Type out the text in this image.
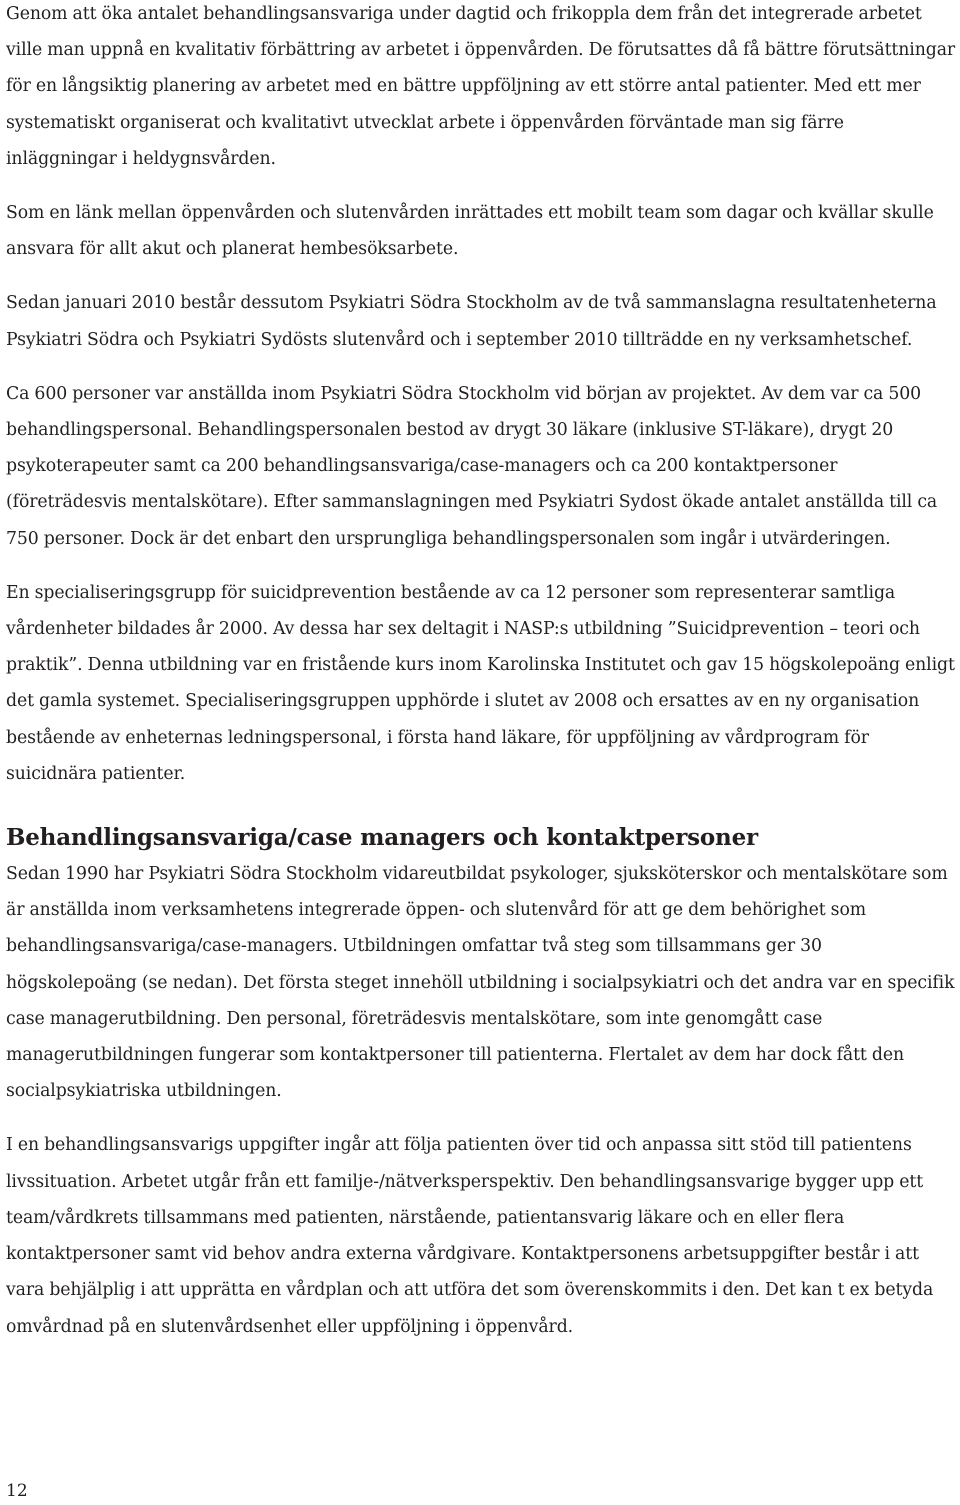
Genom att öka antalet behandlingsansvariga under dagtid och frikoppla dem från det integrerade arbetet ville man uppnå en kvalitativ förbättring av arbetet i öppenvården. De förutsattes då få bättre förutsättningar för en långsiktig planering av arbetet med en bättre uppföljning av ett större antal patienter. Med ett mer systematiskt organiserat och kvalitativt utvecklat arbete i öppenvården förväntade man sig färre inläggningar i heldygnsvården.

Som en länk mellan öppenvården och slutenvården inrättades ett mobilt team som dagar och kvällar skulle ansvara för allt akut och planerat hembesöksarbete.

Sedan januari 2010 består dessutom Psykiatri Södra Stockholm av de två sammanslagna resultatenheterna Psykiatri Södra och Psykiatri Sydösts slutenvård och i september 2010 tillträdde en ny verksamhetschef.

Ca 600 personer var anställda inom Psykiatri Södra Stockholm vid början av projektet. Av dem var ca 500 behandlingspersonal. Behandlingspersonalen bestod av drygt 30 läkare (inklusive ST-läkare), drygt 20 psykoterapeuter samt ca 200 behandlingsansvariga/case-managers och ca 200 kontaktpersoner (företrädesvis mentalskötare). Efter sammanslagningen med Psykiatri Sydost ökade antalet anställda till ca 750 personer. Dock är det enbart den ursprungliga behandlingspersonalen som ingår i utvärderingen.

En specialiseringsgrupp för suicidprevention bestående av ca 12 personer som representerar samtliga vårdenheter bildades år 2000. Av dessa har sex deltagit i NASP:s utbildning ”Suicidprevention – teori och praktik”. Denna utbildning var en fristående kurs inom Karolinska Institutet och gav 15 högskolepoäng enligt det gamla systemet. Specialiseringsgruppen upphörde i slutet av 2008 och ersattes av en ny organisation bestående av enheternas ledningspersonal, i första hand läkare, för uppföljning av vårdprogram för suicidnära patienter.

Behandlingsansvariga/case managers och kontaktpersoner

Sedan 1990 har Psykiatri Södra Stockholm vidareutbildat psykologer, sjuksköterskor och mentalskötare som är anställda inom verksamhetens integrerade öppen- och slutenvård för att ge dem behörighet som behandlingsansvariga/case-managers. Utbildningen omfattar två steg som tillsammans ger 30 högskolepoäng (se nedan). Det första steget innehöll utbildning i socialpsykiatri och det andra var en specifik case managerutbildning. Den personal, företrädesvis mentalskötare, som inte genomgått case managerutbildningen fungerar som kontaktpersoner till patienterna. Flertalet av dem har dock fått den socialpsykiatriska utbildningen.

I en behandlingsansvarigs uppgifter ingår att följa patienten över tid och anpassa sitt stöd till patientens livssituation. Arbetet utgår från ett familje-/nätverksperspektiv. Den behandlingsansvarige bygger upp ett team/vårdkrets tillsammans med patienten, närstående, patientansvarig läkare och en eller flera kontaktpersoner samt vid behov andra externa vårdgivare. Kontaktpersonens arbetsuppgifter består i att vara behjälplig i att upprätta en vårdplan och att utföra det som överenskommits i den. Det kan t ex betyda omvårdnad på en slutenvårdsenhet eller uppföljning i öppenvård.

12
